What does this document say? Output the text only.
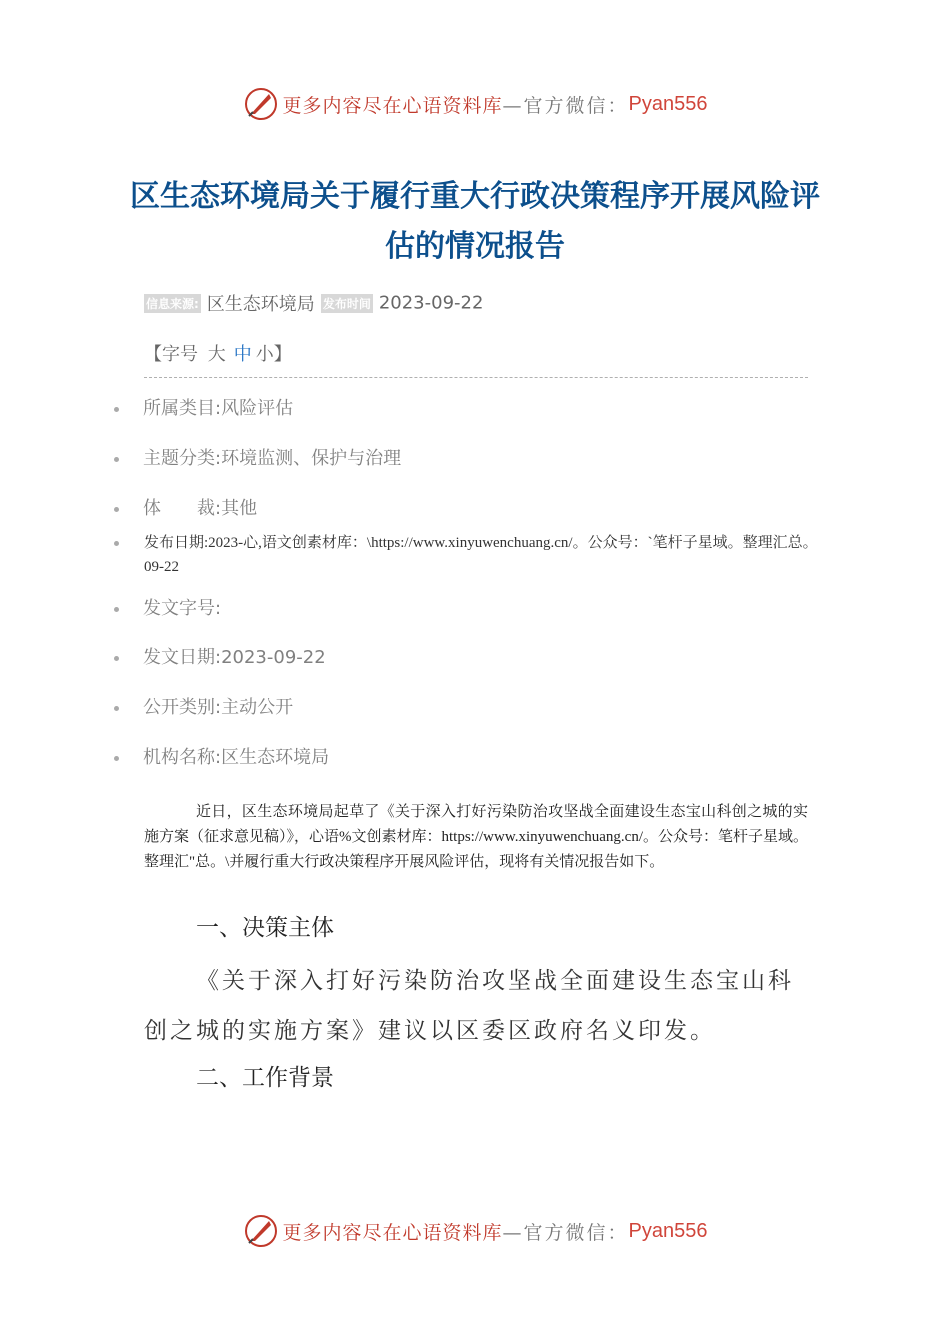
更多内容尽在心语资料库 —官方微信： Pyan556
区生态环境局关于履行重大行政决策程序开展风险评估的情况报告
信息来源: 区生态环境局 发布时间 2023-09-22
【字号 大 中 小】
所属类目:风险评估
主题分类:环境监测、保护与治理
体　　裁:其他
发布日期:2023-心,语文创素材库：\https://www.xinyuwenchuang.cn/。公众号：`笔杆子星域。整理汇总。09-22
发文字号:
发文日期:2023-09-22
公开类别:主动公开
机构名称:区生态环境局
近日，区生态环境局起草了《关于深入打好污染防治攻坚战全面建设生态宝山科创之城的实施方案（征求意见稿）》，心语%文创素材库：https://www.xinyuwenchuang.cn/。公众号：笔杆子星域。整理汇"总。\并履行重大行政决策程序开展风险评估，现将有关情况报告如下。
一、决策主体
《关于深入打好污染防治攻坚战全面建设生态宝山科创之城的实施方案》建议以区委区政府名义印发。
二、工作背景
更多内容尽在心语资料库 —官方微信： Pyan556
